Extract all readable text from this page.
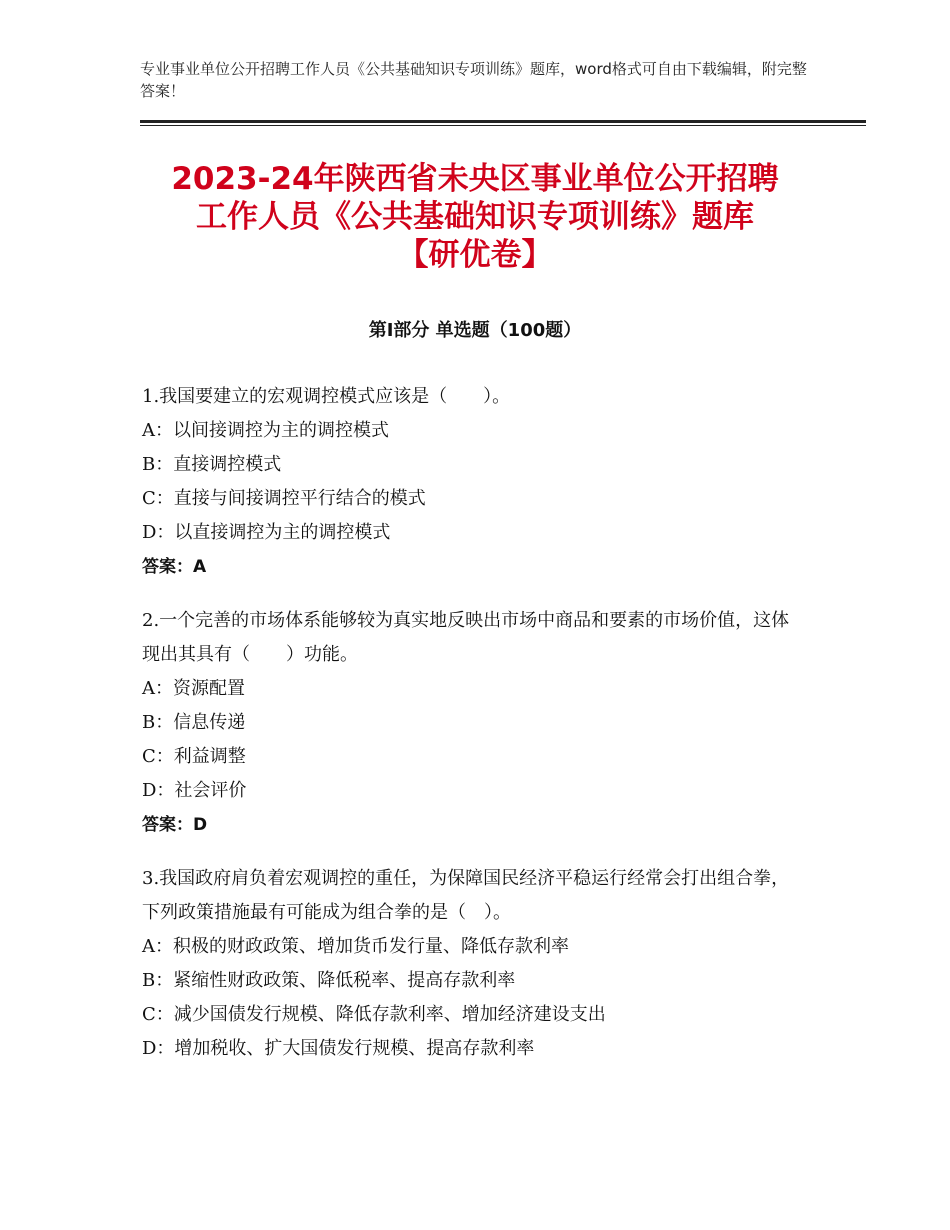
专业事业单位公开招聘工作人员《公共基础知识专项训练》题库，word格式可自由下载编辑，附完整答案！
2023-24年陕西省未央区事业单位公开招聘
工作人员《公共基础知识专项训练》题库
【研优卷】
第Ⅰ部分 单选题（100题）

1.我国要建立的宏观调控模式应该是（　　）。

A：以间接调控为主的调控模式
B：直接调控模式
C：直接与间接调控平行结合的模式
D：以直接调控为主的调控模式

答案：A

2.一个完善的市场体系能够较为真实地反映出市场中商品和要素的市场价值，这体现出其具有（　　）功能。

A：资源配置
B：信息传递
C：利益调整
D：社会评价

答案：D

3.我国政府肩负着宏观调控的重任，为保障国民经济平稳运行经常会打出组合拳，下列政策措施最有可能成为组合拳的是（　）。

A：积极的财政政策、增加货币发行量、降低存款利率
B：紧缩性财政政策、降低税率、提高存款利率
C：减少国债发行规模、降低存款利率、增加经济建设支出
D：增加税收、扩大国债发行规模、提高存款利率
